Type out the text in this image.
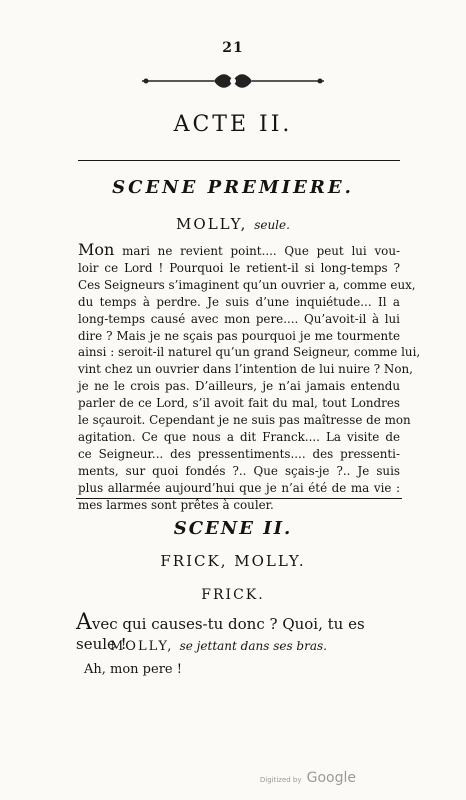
21
ACTE II.
SCENE PREMIERE.
MOLLY, seule.
Mon mari ne revient point.... Que peut lui vou-
loir ce Lord ! Pourquoi le retient-il si long-temps ?
Ces Seigneurs s’imaginent qu’un ouvrier a, comme eux,
du temps à perdre. Je suis d’une inquiétude... Il a
long-temps causé avec mon pere.... Qu’avoit-il à lui
dire ? Mais je ne sçais pas pourquoi je me tourmente
ainsi : seroit-il naturel qu’un grand Seigneur, comme lui,
vint chez un ouvrier dans l’intention de lui nuire ? Non,
je ne le crois pas. D’ailleurs, je n’ai jamais entendu
parler de ce Lord, s’il avoit fait du mal, tout Londres
le sçauroit. Cependant je ne suis pas maîtresse de mon
agitation. Ce que nous a dit Franck.... La visite de
ce Seigneur... des pressentiments.... des pressenti-
ments, sur quoi fondés ?.. Que sçais-je ?.. Je suis
plus allarmée aujourd’hui que je n’ai été de ma vie :
mes larmes sont prêtes à couler.
SCENE II.
FRICK, MOLLY.
FRICK.
Avec qui causes-tu donc ? Quoi, tu es seule !
MOLLY, se jettant dans ses bras.
Ah, mon pere !
Digitized by Google
